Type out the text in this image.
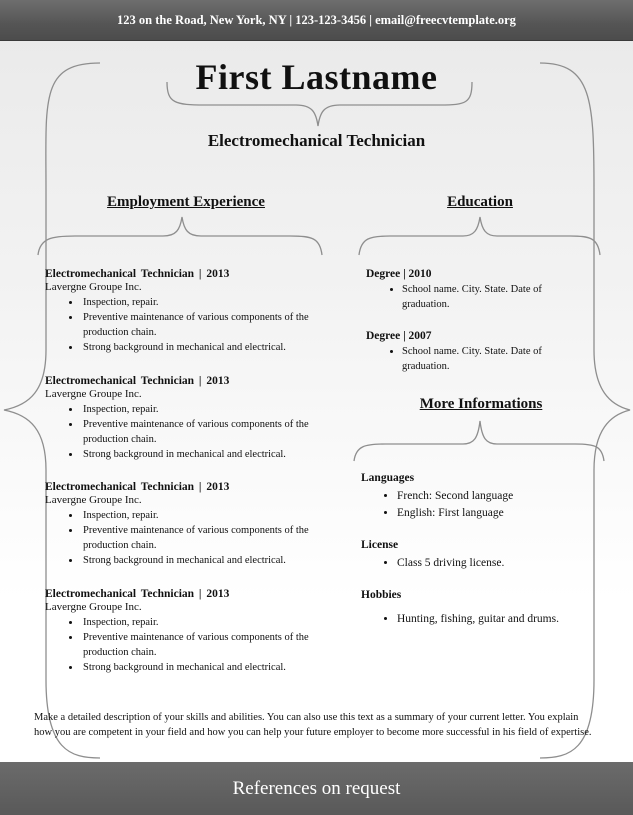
123 on the Road, New York, NY | 123-123-3456 | email@freecvtemplate.org
First Lastname
Electromechanical Technician
Employment Experience	Education
More Informations
Electromechanical Technician | 2013
Lavergne Groupe Inc.
• Inspection, repair.
• Preventive maintenance of various components of the production chain.
• Strong background in mechanical and electrical.
Electromechanical Technician | 2013
Lavergne Groupe Inc.
• Inspection, repair.
• Preventive maintenance of various components of the production chain.
• Strong background in mechanical and electrical.
Electromechanical Technician | 2013
Lavergne Groupe Inc.
• Inspection, repair.
• Preventive maintenance of various components of the production chain.
• Strong background in mechanical and electrical.
Electromechanical Technician | 2013
Lavergne Groupe Inc.
• Inspection, repair.
• Preventive maintenance of various components of the production chain.
• Strong background in mechanical and electrical.
Degree | 2010
• School name. City. State. Date of graduation.
Degree | 2007
• School name. City. State. Date of graduation.
Languages
• French: Second language
• English: First language
License
• Class 5 driving license.
Hobbies
• Hunting, fishing, guitar and drums.
Make a detailed description of your skills and abilities. You can also use this text as a summary of your current letter. You explain how you are competent in your field and how you can help your future employer to become more successful in his field of expertise.
References on request
